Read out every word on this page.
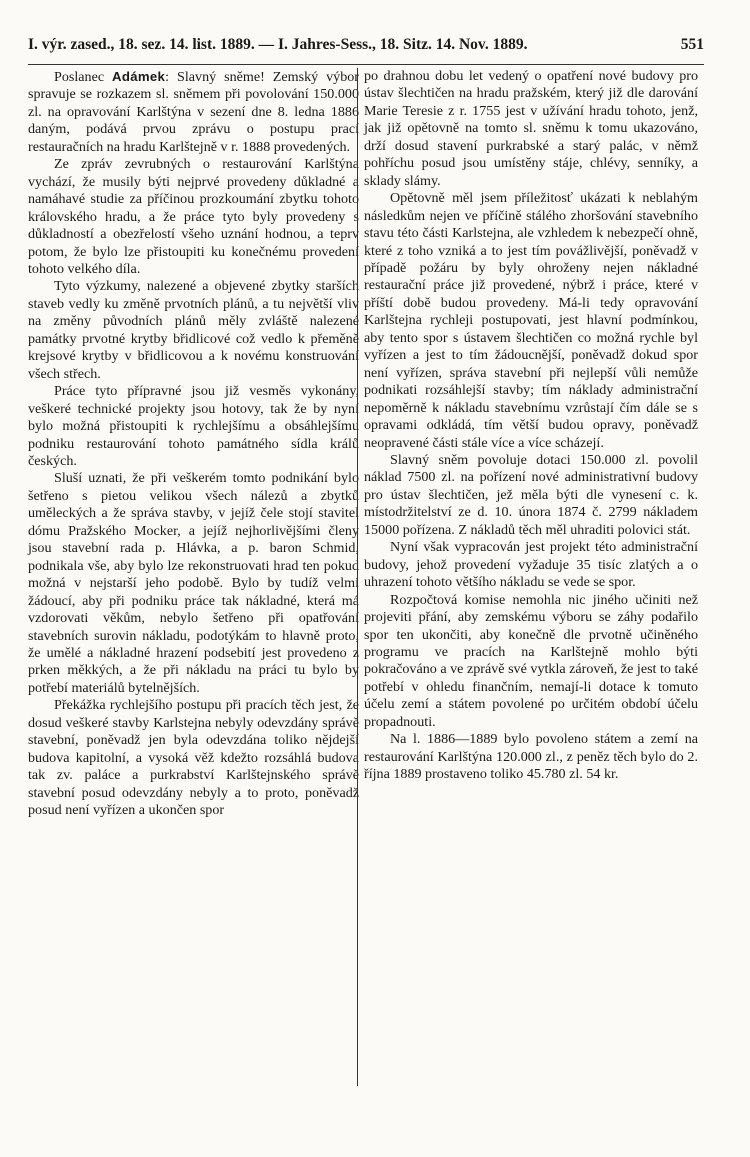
I. výr. zased., 18. sez. 14. list. 1889. — I. Jahres-Sess., 18. Sitz. 14. Nov. 1889.	551

Poslanec Adámek: Slavný sněme! Zemský výbor spravuje se rozkazem sl. sněmem při povolování 150.000 zl. na opravování Karlštýna v sezení dne 8. ledna 1886 daným, podává prvou zprávu o postupu prací restauračních na hradu Karlštejně v r. 1888 provedených.

Ze zpráv zevrubných o restaurování Karlštýna vychází, že musily býti nejprvé provedeny důkladné a namáhavé studie za příčinou prozkoumání zbytku tohoto královského hradu, a že práce tyto byly provedeny s důkladností a obezřelostí všeho uznání hodnou, a teprv potom, že bylo lze přistoupiti ku konečnému provedení tohoto velkého díla.

Tyto výzkumy, nalezené a objevené zbytky starších staveb vedly ku změně prvotních plánů, a tu největší vliv na změny původních plánů měly zvláště nalezené památky prvotné krytby břidlicové což vedlo k přeměně krejsové krytby v břidlicovou a k novému konstruování všech střech.

Práce tyto přípravné jsou již vesměs vykonány, veškeré technické projekty jsou hotovy, tak že by nyní bylo možná přistoupiti k rychlejšímu a obsáhlejšímu podniku restaurování tohoto památného sídla králů českých.

Sluší uznati, že při veškerém tomto podnikání bylo šetřeno s pietou velikou všech nálezů a zbytků uměleckých a že správa stavby, v jejíž čele stojí stavitel dómu Pražského Mocker, a jejíž nejhorlivějšími členy jsou stavební rada p. Hlávka, a p. baron Schmid, podnikala vše, aby bylo lze rekonstruovati hrad ten pokud možná v nejstarší jeho podobě. Bylo by tudíž velmi žádoucí, aby při podniku práce tak nákladné, která má vzdorovati věkům, nebylo šetřeno při opatřování stavebních surovin nákladu, podotýkám to hlavně proto, že umělé a nákladné hrazení podsebití jest provedeno z prken měkkých, a že při nákladu na práci tu bylo by potřebí materiálů bytelnějších.

Překážka rychlejšího postupu při pracích těch jest, že dosud veškeré stavby Karlstejna nebyly odevzdány správě stavební, poněvadž jen byla odevzdána toliko nějdejší budova kapitolní, a vysoká věž kdežto rozsáhlá budova tak zv. paláce a purkrabství Karlštejnského správě stavební posud odevzdány nebyly a to proto, poněvadž posud není vyřízen a ukončen spor

po drahnou dobu let vedený o opatření nové budovy pro ústav šlechtičen na hradu pražském, který již dle darování Marie Teresie z r. 1755 jest v užívání hradu tohoto, jenž, jak již opětovně na tomto sl. sněmu k tomu ukazováno, drží dosud stavení purkrabské a starý palác, v němž pohříchu posud jsou umístěny stáje, chlévy, senníky, a sklady slámy.

Opětovně měl jsem příležitosť ukázati k neblahým následkům nejen ve příčině stálého zhoršování stavebního stavu této části Karlstejna, ale vzhledem k nebezpečí ohně, které z toho vzniká a to jest tím povážlivější, poněvadž v případě požáru by byly ohroženy nejen nákladné restaurační práce již provedené, nýbrž i práce, které v příští době budou provedeny. Má-li tedy opravování Karlštejna rychleji postupovati, jest hlavní podmínkou, aby tento spor s ústavem šlechtičen co možná rychle byl vyřízen a jest to tím žádoucnější, poněvadž dokud spor není vyřízen, správa stavební při nejlepší vůli nemůže podnikati rozsáhlejší stavby; tím náklady administrační nepoměrně k nákladu stavebnímu vzrůstají čím dále se s opravami odkládá, tím větší budou opravy, poněvadž neopravené části stále více a více scházejí.

Slavný sněm povoluje dotaci 150.000 zl. povolil náklad 7500 zl. na pořízení nové administrativní budovy pro ústav šlechtičen, jež měla býti dle vynesení c. k. místodržitelství ze d. 10. února 1874 č. 2799 nákladem 15000 pořízena. Z nákladů těch měl uhraditi polovici stát.

Nyní však vypracován jest projekt této administrační budovy, jehož provedení vyžaduje 35 tisíc zlatých a o uhrazení tohoto většího nákladu se vede se spor.

Rozpočtová komise nemohla nic jiného učiniti než projeviti přání, aby zemskému výboru se záhy podařilo spor ten ukončiti, aby konečně dle prvotně učiněného programu ve pracích na Karlštejně mohlo býti pokračováno a ve zprávě své vytkla zároveň, že jest to také potřebí v ohledu finančním, nemají-li dotace k tomuto účelu zemí a státem povolené po určitém období účelu propadnouti.

Na l. 1886—1889 bylo povoleno státem a zemí na restaurování Karlštýna 120.000 zl., z peněz těch bylo do 2. října 1889 prostaveno toliko 45.780 zl. 54 kr.
